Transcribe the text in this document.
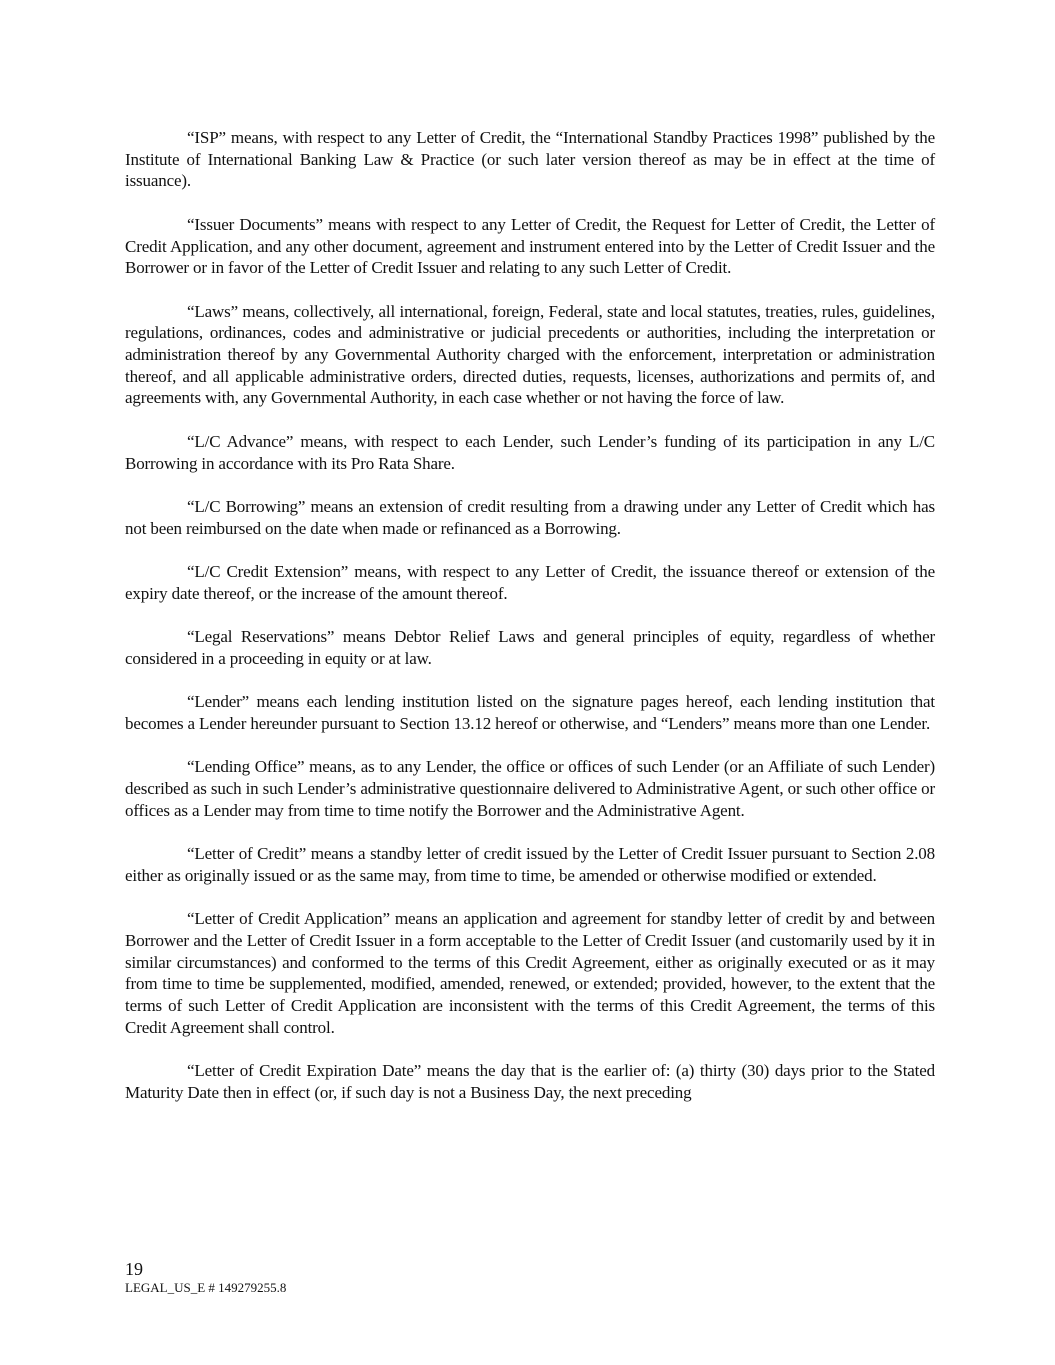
“ISP” means, with respect to any Letter of Credit, the “International Standby Practices 1998” published by the Institute of International Banking Law & Practice (or such later version thereof as may be in effect at the time of issuance).

“Issuer Documents” means with respect to any Letter of Credit, the Request for Letter of Credit, the Letter of Credit Application, and any other document, agreement and instrument entered into by the Letter of Credit Issuer and the Borrower or in favor of the Letter of Credit Issuer and relating to any such Letter of Credit.

“Laws” means, collectively, all international, foreign, Federal, state and local statutes, treaties, rules, guidelines, regulations, ordinances, codes and administrative or judicial precedents or authorities, including the interpretation or administration thereof by any Governmental Authority charged with the enforcement, interpretation or administration thereof, and all applicable administrative orders, directed duties, requests, licenses, authorizations and permits of, and agreements with, any Governmental Authority, in each case whether or not having the force of law.

“L/C Advance” means, with respect to each Lender, such Lender’s funding of its participation in any L/C Borrowing in accordance with its Pro Rata Share.

“L/C Borrowing” means an extension of credit resulting from a drawing under any Letter of Credit which has not been reimbursed on the date when made or refinanced as a Borrowing.

“L/C Credit Extension” means, with respect to any Letter of Credit, the issuance thereof or extension of the expiry date thereof, or the increase of the amount thereof.

“Legal Reservations” means Debtor Relief Laws and general principles of equity, regardless of whether considered in a proceeding in equity or at law.

“Lender” means each lending institution listed on the signature pages hereof, each lending institution that becomes a Lender hereunder pursuant to Section 13.12 hereof or otherwise, and “Lenders” means more than one Lender.

“Lending Office” means, as to any Lender, the office or offices of such Lender (or an Affiliate of such Lender) described as such in such Lender’s administrative questionnaire delivered to Administrative Agent, or such other office or offices as a Lender may from time to time notify the Borrower and the Administrative Agent.

“Letter of Credit” means a standby letter of credit issued by the Letter of Credit Issuer pursuant to Section 2.08 either as originally issued or as the same may, from time to time, be amended or otherwise modified or extended.

“Letter of Credit Application” means an application and agreement for standby letter of credit by and between Borrower and the Letter of Credit Issuer in a form acceptable to the Letter of Credit Issuer (and customarily used by it in similar circumstances) and conformed to the terms of this Credit Agreement, either as originally executed or as it may from time to time be supplemented, modified, amended, renewed, or extended; provided, however, to the extent that the terms of such Letter of Credit Application are inconsistent with the terms of this Credit Agreement, the terms of this Credit Agreement shall control.

“Letter of Credit Expiration Date” means the day that is the earlier of: (a) thirty (30) days prior to the Stated Maturity Date then in effect (or, if such day is not a Business Day, the next preceding

19
LEGAL_US_E # 149279255.8
